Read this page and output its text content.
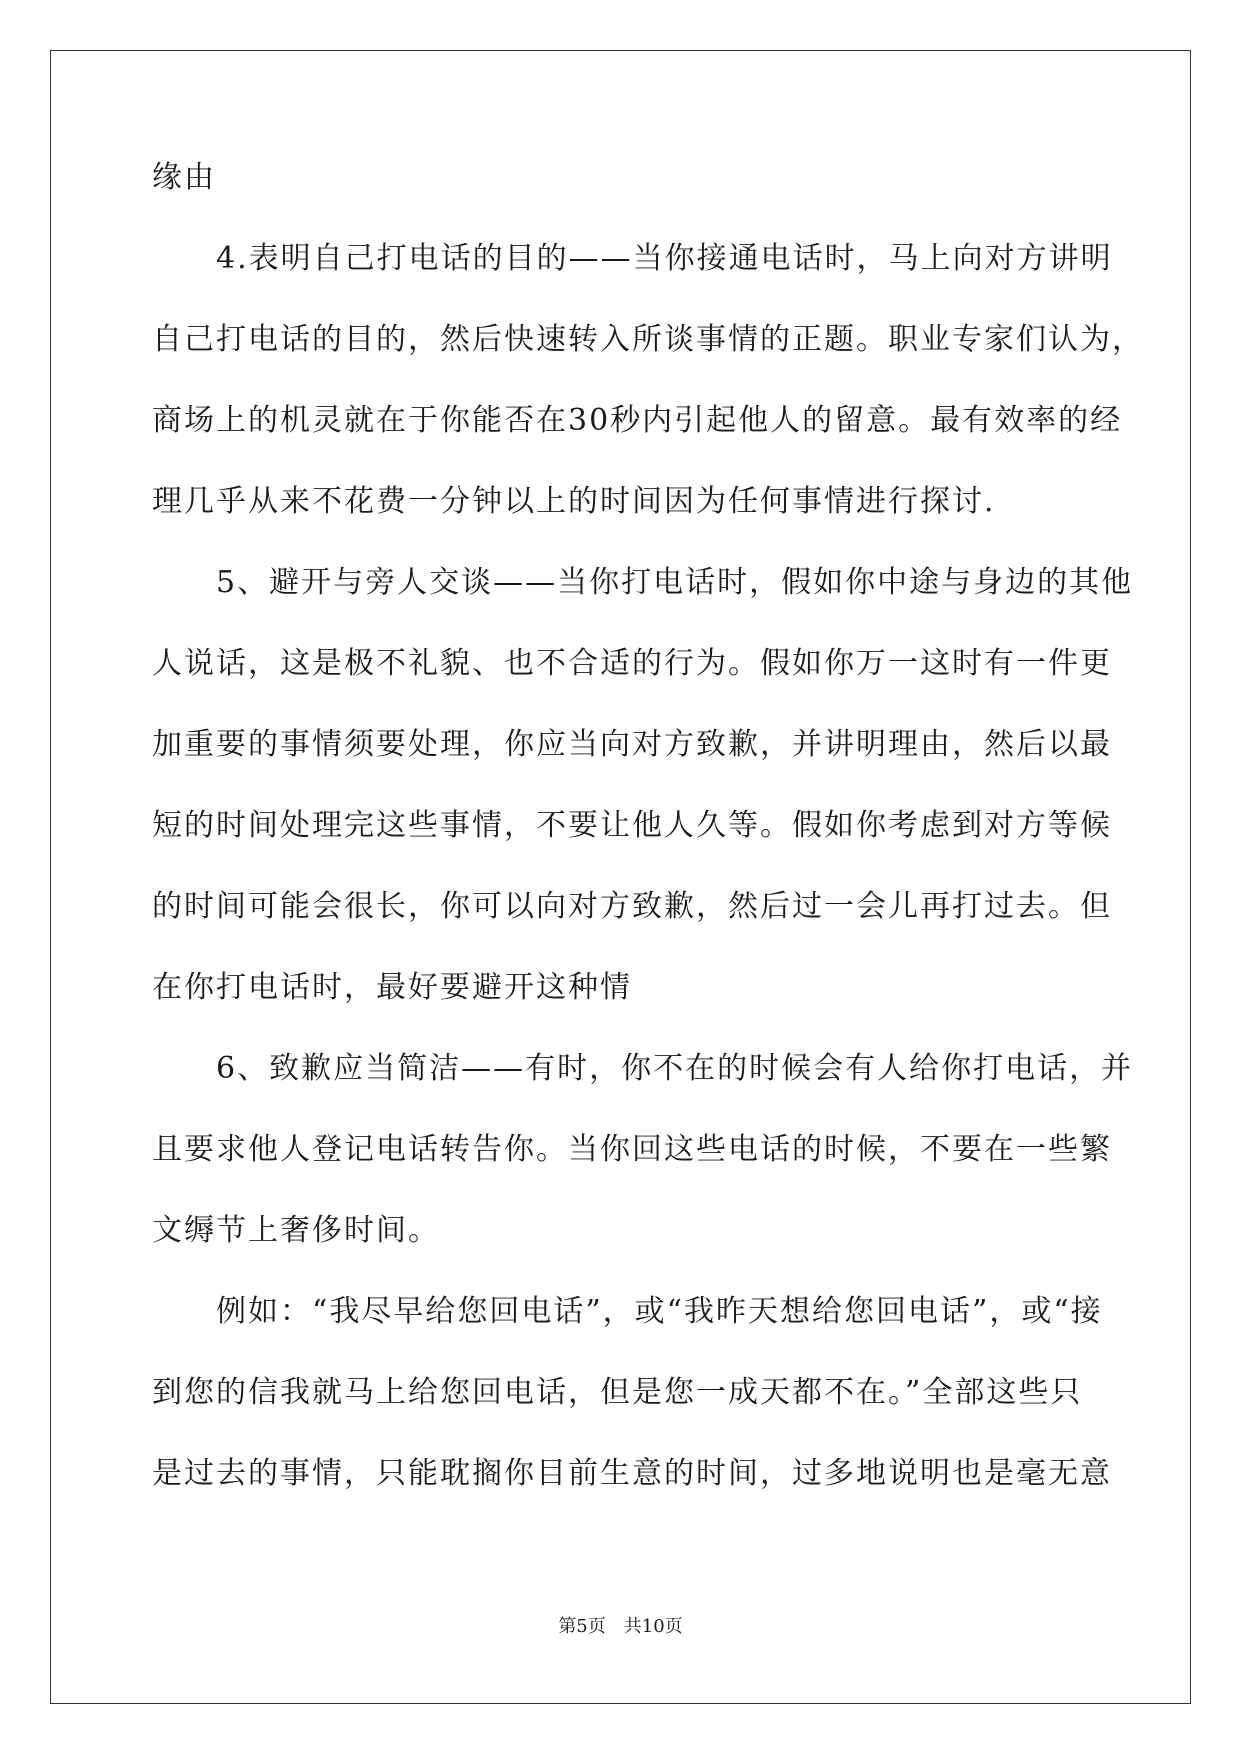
缘由
　　4.表明自己打电话的目的——当你接通电话时，马上向对方讲明
自己打电话的目的，然后快速转入所谈事情的正题。职业专家们认为，
商场上的机灵就在于你能否在30秒内引起他人的留意。最有效率的经
理几乎从来不花费一分钟以上的时间因为任何事情进行探讨.
　　5、避开与旁人交谈——当你打电话时，假如你中途与身边的其他
人说话，这是极不礼貌、也不合适的行为。假如你万一这时有一件更
加重要的事情须要处理，你应当向对方致歉，并讲明理由，然后以最
短的时间处理完这些事情，不要让他人久等。假如你考虑到对方等候
的时间可能会很长，你可以向对方致歉，然后过一会儿再打过去。但
在你打电话时，最好要避开这种情
　　6、致歉应当简洁——有时，你不在的时候会有人给你打电话，并
且要求他人登记电话转告你。当你回这些电话的时候，不要在一些繁
文缛节上奢侈时间。
　　例如：“我尽早给您回电话”，或“我昨天想给您回电话”，或“接
到您的信我就马上给您回电话，但是您一成天都不在。”全部这些只
是过去的事情，只能耽搁你目前生意的时间，过多地说明也是毫无意
第5页　共10页
